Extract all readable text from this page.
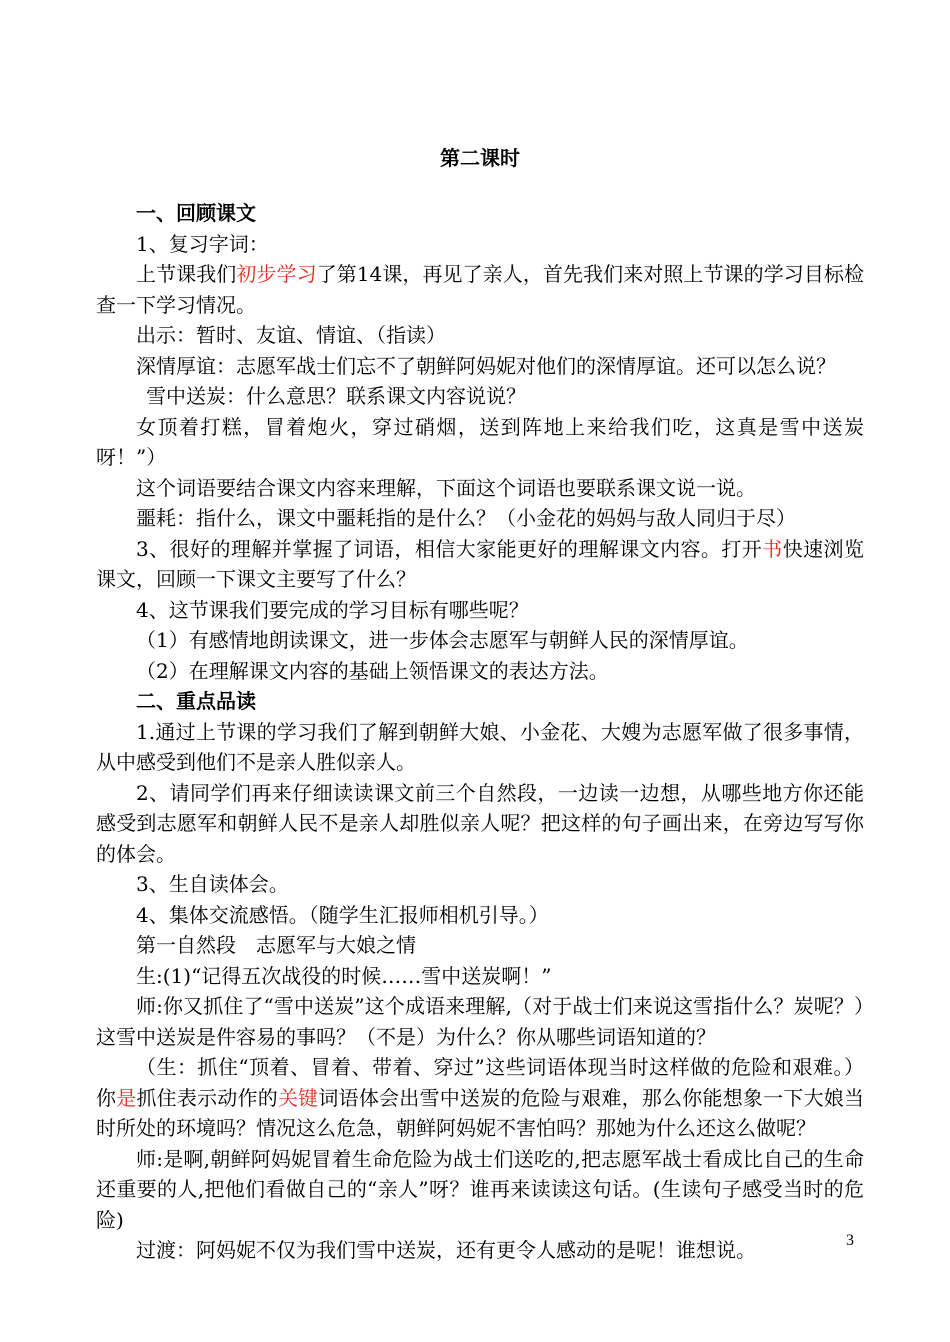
第二课时

一、回顾课文

1、复习字词：

上节课我们初步学习了第14课，再见了亲人，首先我们来对照上节课的学习目标检查一下学习情况。

出示：暂时、友谊、情谊、（指读）

深情厚谊：志愿军战士们忘不了朝鲜阿妈妮对他们的深情厚谊。还可以怎么说？

雪中送炭：什么意思？联系课文内容说说？

女顶着打糕，冒着炮火，穿过硝烟，送到阵地上来给我们吃，这真是雪中送炭呀！”）

这个词语要结合课文内容来理解，下面这个词语也要联系课文说一说。

噩耗：指什么，课文中噩耗指的是什么？（小金花的妈妈与敌人同归于尽）

3、很好的理解并掌握了词语，相信大家能更好的理解课文内容。打开书快速浏览课文，回顾一下课文主要写了什么？

4、这节课我们要完成的学习目标有哪些呢？

（1）有感情地朗读课文，进一步体会志愿军与朝鲜人民的深情厚谊。

（2）在理解课文内容的基础上领悟课文的表达方法。

二、重点品读

1.通过上节课的学习我们了解到朝鲜大娘、小金花、大嫂为志愿军做了很多事情，从中感受到他们不是亲人胜似亲人。

2、请同学们再来仔细读读课文前三个自然段，一边读一边想，从哪些地方你还能感受到志愿军和朝鲜人民不是亲人却胜似亲人呢？把这样的句子画出来，在旁边写写你的体会。

3、生自读体会。

4、集体交流感悟。（随学生汇报师相机引导。）

第一自然段　志愿军与大娘之情

生:(1)“记得五次战役的时候……雪中送炭啊！”

师:你又抓住了“雪中送炭”这个成语来理解,（对于战士们来说这雪指什么？炭呢？）这雪中送炭是件容易的事吗？（不是）为什么？你从哪些词语知道的？

（生：抓住“顶着、冒着、带着、穿过”这些词语体现当时这样做的危险和艰难。）你是抓住表示动作的关键词语体会出雪中送炭的危险与艰难，那么你能想象一下大娘当时所处的环境吗？情况这么危急，朝鲜阿妈妮不害怕吗？那她为什么还这么做呢？

师:是啊,朝鲜阿妈妮冒着生命危险为战士们送吃的,把志愿军战士看成比自己的生命还重要的人,把他们看做自己的“亲人”呀？谁再来读读这句话。(生读句子感受当时的危险)

过渡：阿妈妮不仅为我们雪中送炭，还有更令人感动的是呢！谁想说。	3
